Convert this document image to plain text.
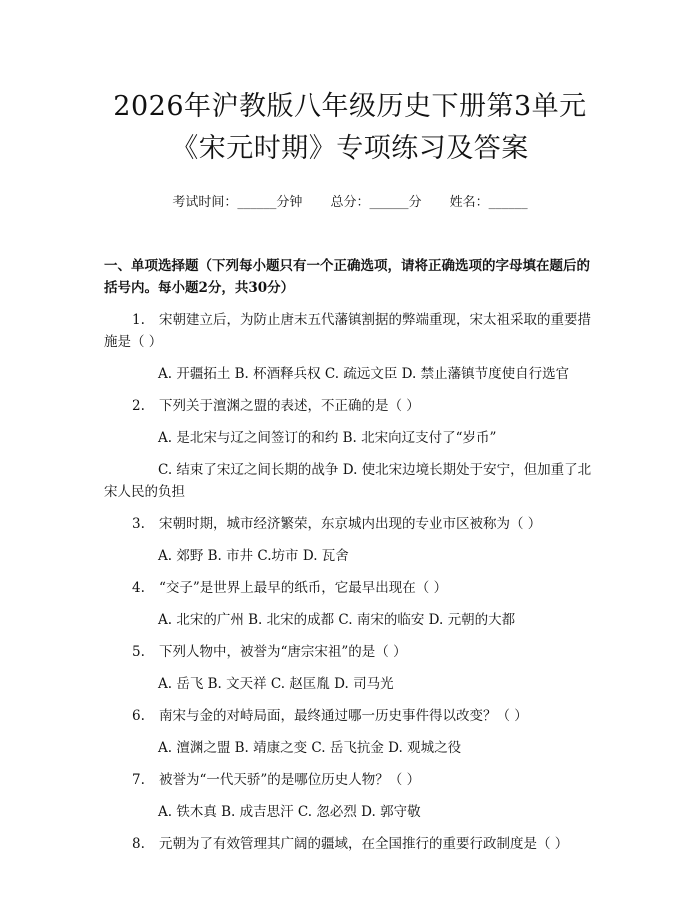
2026年沪教版八年级历史下册第3单元《宋元时期》专项练习及答案
考试时间：______分钟 总分：______分 姓名：______
一、单项选择题（下列每小题只有一个正确选项，请将正确选项的字母填在题后的括号内。每小题2分，共30分）
1. 宋朝建立后，为防止唐末五代藩镇割据的弊端重现，宋太祖采取的重要措施是（ ）
A. 开疆拓土 B. 杯酒释兵权 C. 疏远文臣 D. 禁止藩镇节度使自行选官
2. 下列关于澶渊之盟的表述，不正确的是（ ）
A. 是北宋与辽之间签订的和约 B. 北宋向辽支付了“岁币”
C. 结束了宋辽之间长期的战争 D. 使北宋边境长期处于安宁，但加重了北宋人民的负担
3. 宋朝时期，城市经济繁荣，东京城内出现的专业市区被称为（ ）
A. 郊野 B. 市井 C.坊市 D. 瓦舍
4. “交子”是世界上最早的纸币，它最早出现在（ ）
A. 北宋的广州 B. 北宋的成都 C. 南宋的临安 D. 元朝的大都
5. 下列人物中，被誉为“唐宗宋祖”的是（ ）
A. 岳飞 B. 文天祥 C. 赵匡胤 D. 司马光
6. 南宋与金的对峙局面，最终通过哪一历史事件得以改变？（ ）
A. 澶渊之盟 B. 靖康之变 C. 岳飞抗金 D. 观城之役
7. 被誉为“一代天骄”的是哪位历史人物？（ ）
A. 铁木真 B. 成吉思汗 C. 忽必烈 D. 郭守敬
8. 元朝为了有效管理其广阔的疆域，在全国推行的重要行政制度是（ ）
